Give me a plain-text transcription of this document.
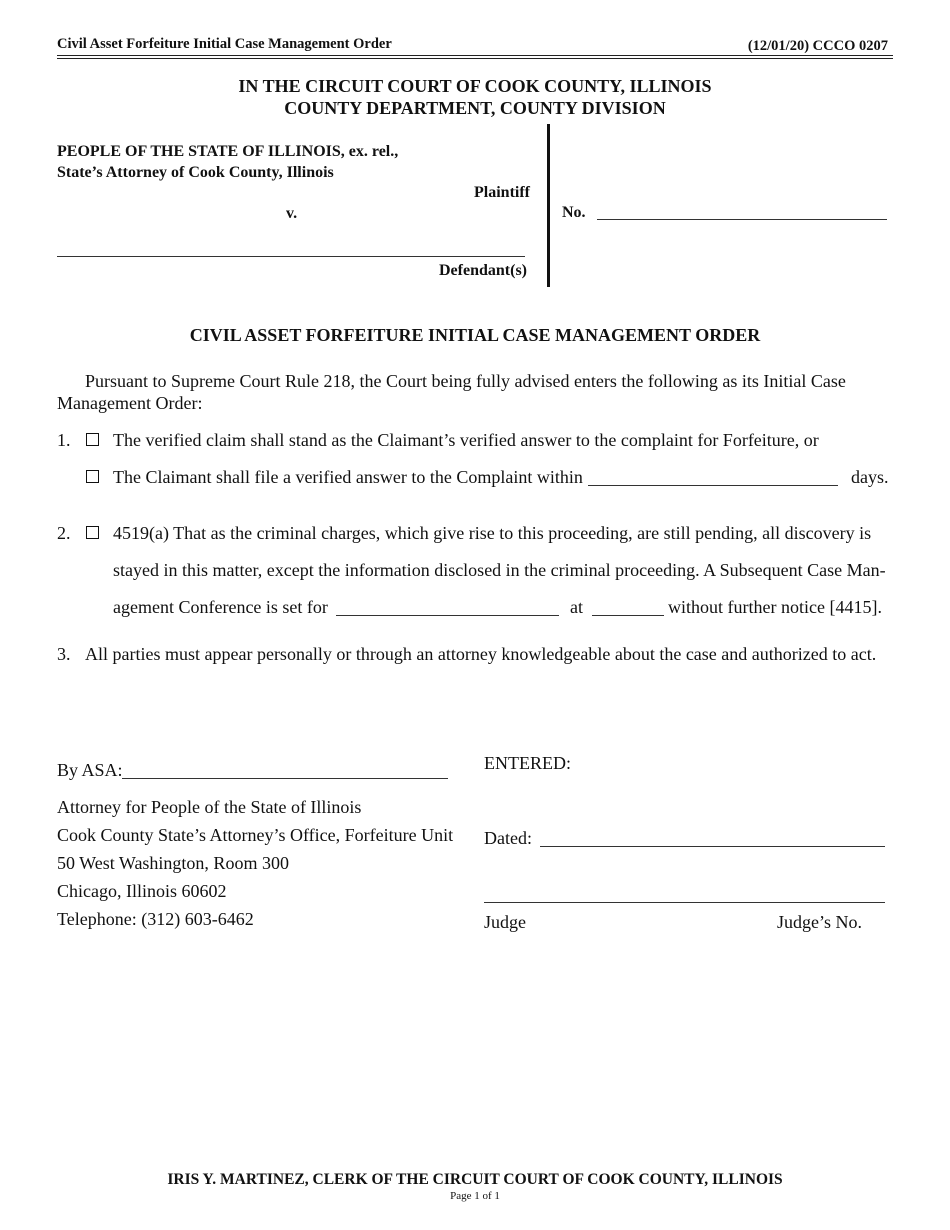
Civil Asset Forfeiture Initial Case Management Order	(12/01/20) CCCO 0207
IN THE CIRCUIT COURT OF COOK COUNTY, ILLINOIS
COUNTY DEPARTMENT, COUNTY DIVISION
PEOPLE OF THE STATE OF ILLINOIS, ex. rel.,
State’s Attorney of Cook County, Illinois
Plaintiff
v.
Defendant(s)
No.
CIVIL ASSET FORFEITURE INITIAL CASE MANAGEMENT ORDER
Pursuant to Supreme Court Rule 218, the Court being fully advised enters the following as its Initial Case
Management Order:
1. The verified claim shall stand as the Claimant’s verified answer to the complaint for Forfeiture, or
The Claimant shall file a verified answer to the Complaint within	days.
2. 4519(a) That as the criminal charges, which give rise to this proceeding, are still pending, all discovery is
stayed in this matter, except the information disclosed in the criminal proceeding. A Subsequent Case Man-
agement Conference is set for	at	without further notice [4415].
3. All parties must appear personally or through an attorney knowledgeable about the case and authorized to act.
By ASA:
Attorney for People of the State of Illinois
Cook County State’s Attorney’s Office, Forfeiture Unit
50 West Washington, Room 300
Chicago, Illinois 60602
Telephone: (312) 603-6462
ENTERED:
Dated:
Judge	Judge’s No.
IRIS Y. MARTINEZ, CLERK OF THE CIRCUIT COURT OF COOK COUNTY, ILLINOIS
Page 1 of 1
